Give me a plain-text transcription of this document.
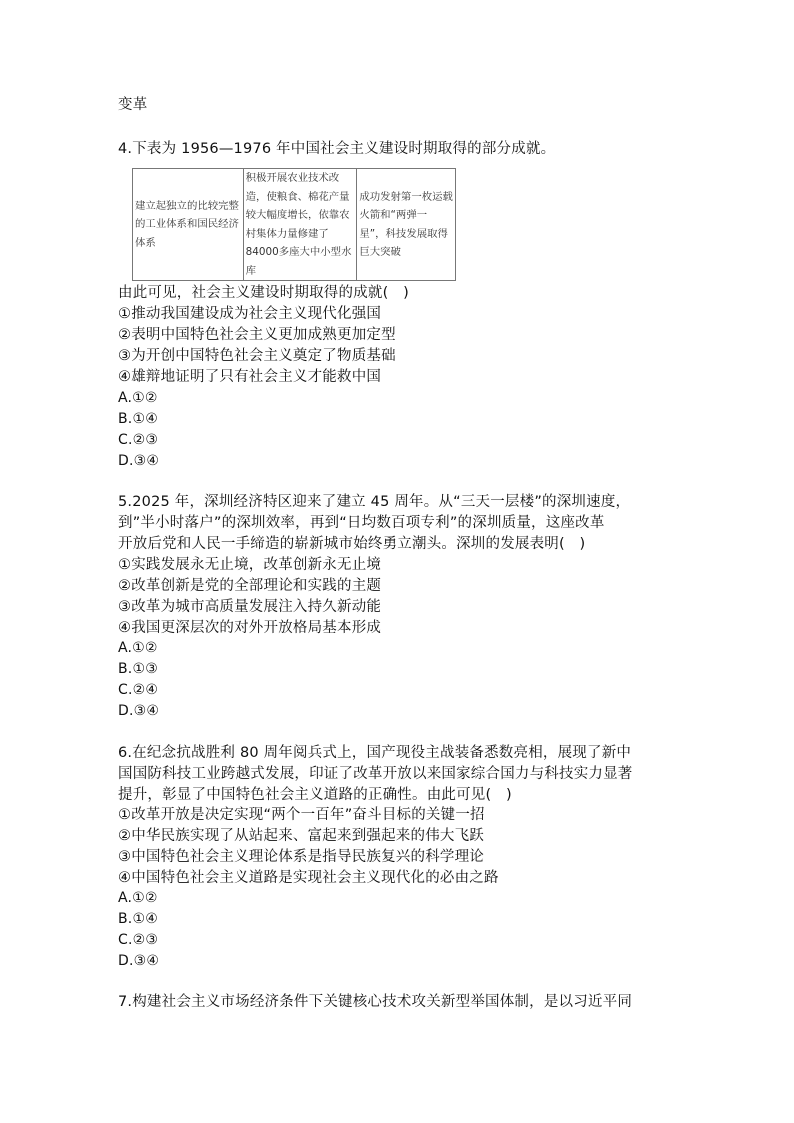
变革
4.下表为 1956—1976 年中国社会主义建设时期取得的部分成就。
建立起独立的比较完整的工业体系和国民经济体系	积极开展农业技术改造，使粮食、棉花产量较大幅度增长，依靠农村集体力量修建了84000多座大中小型水库	成功发射第一枚运载火箭和“两弹一星”，科技发展取得巨大突破
由此可见，社会主义建设时期取得的成就(　)
①推动我国建设成为社会主义现代化强国
②表明中国特色社会主义更加成熟更加定型
③为开创中国特色社会主义奠定了物质基础
④雄辩地证明了只有社会主义才能救中国
A.①②
B.①④
C.②③
D.③④
5.2025 年，深圳经济特区迎来了建立 45 周年。从“三天一层楼”的深圳速度，
到”半小时落户”的深圳效率，再到“日均数百项专利”的深圳质量，这座改革
开放后党和人民一手缔造的崭新城市始终勇立潮头。深圳的发展表明(　)
①实践发展永无止境，改革创新永无止境
②改革创新是党的全部理论和实践的主题
③改革为城市高质量发展注入持久新动能
④我国更深层次的对外开放格局基本形成
A.①②
B.①③
C.②④
D.③④
6.在纪念抗战胜利 80 周年阅兵式上，国产现役主战装备悉数亮相，展现了新中
国国防科技工业跨越式发展，印证了改革开放以来国家综合国力与科技实力显著
提升，彰显了中国特色社会主义道路的正确性。由此可见(　)
①改革开放是决定实现“两个一百年”奋斗目标的关键一招
②中华民族实现了从站起来、富起来到强起来的伟大飞跃
③中国特色社会主义理论体系是指导民族复兴的科学理论
④中国特色社会主义道路是实现社会主义现代化的必由之路
A.①②
B.①④
C.②③
D.③④
7.构建社会主义市场经济条件下关键核心技术攻关新型举国体制，是以习近平同
